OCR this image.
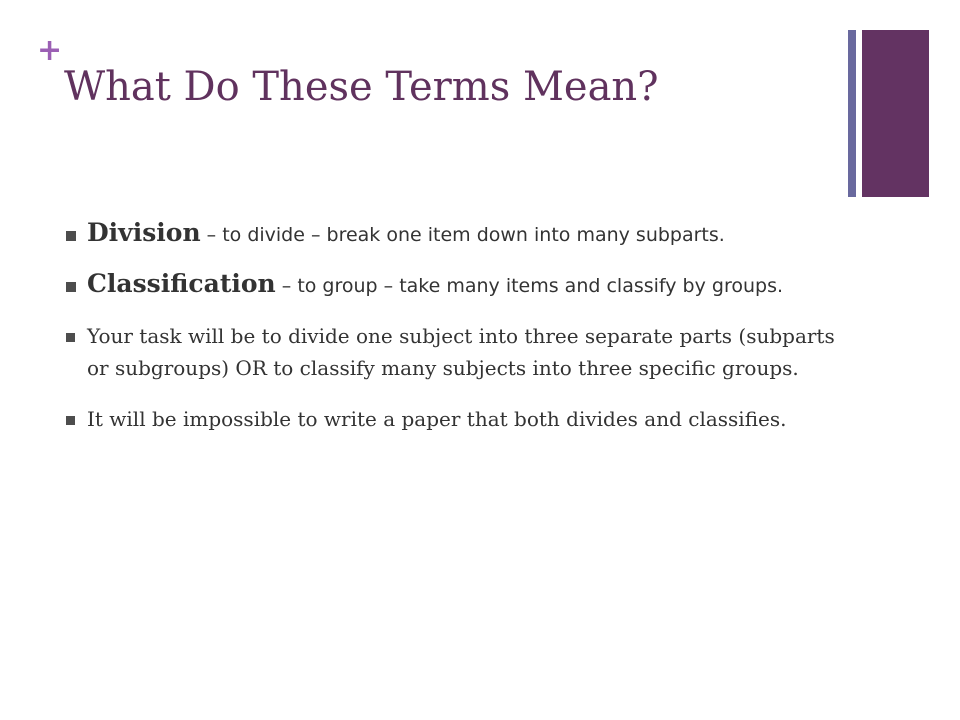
+
What Do These Terms Mean?
Division – to divide – break one item down into many subparts.
Classification – to group – take many items and classify by groups.
Your task will be to divide one subject into three separate parts (subparts or subgroups) OR to classify many subjects into three specific groups.
It will be impossible to write a paper that both divides and classifies.
